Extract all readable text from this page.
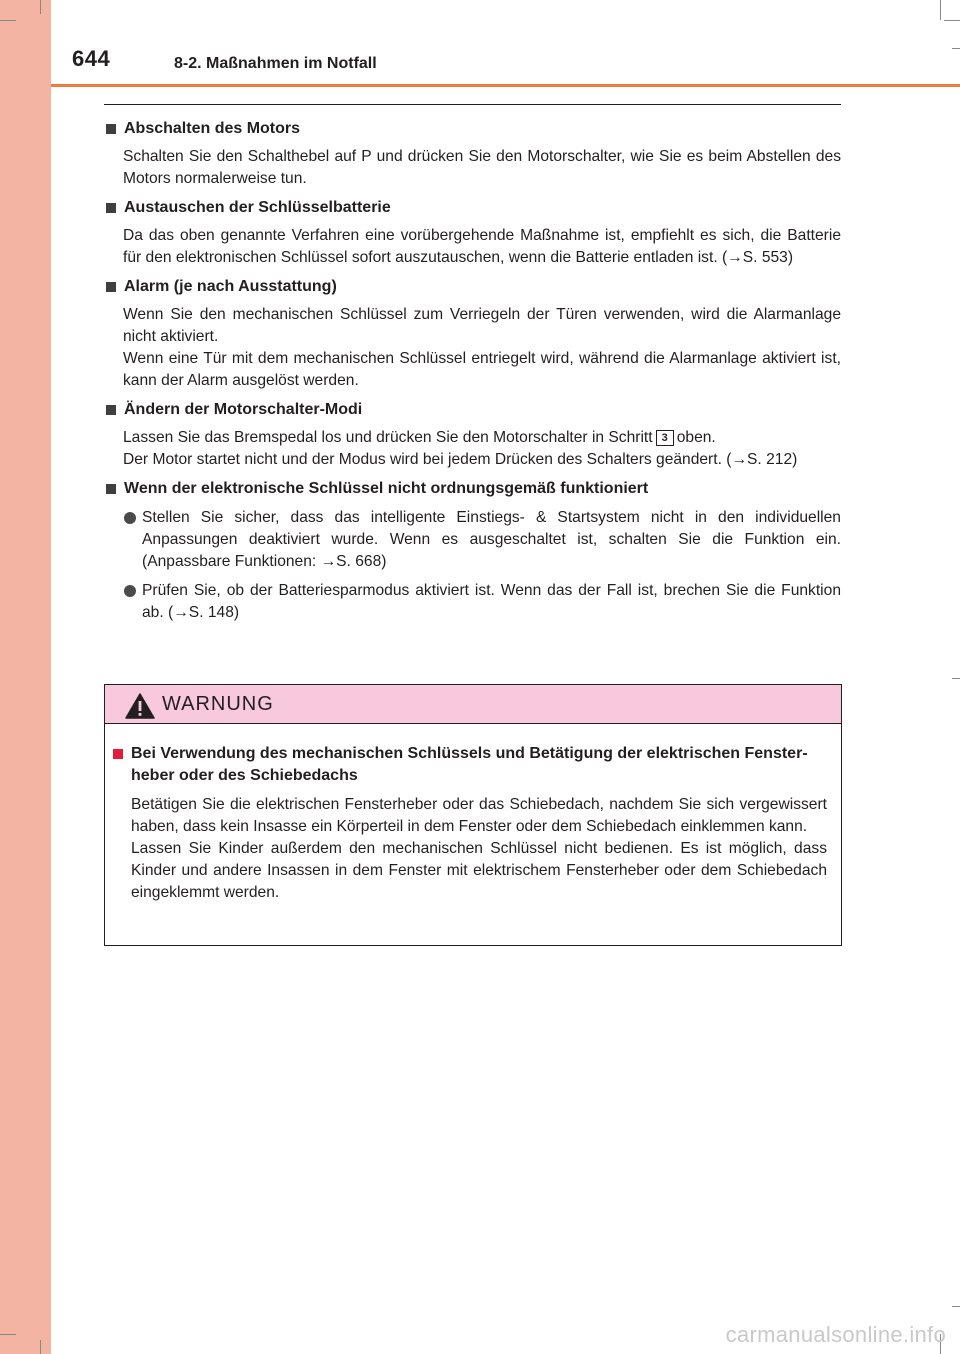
644	8-2. Maßnahmen im Notfall
Abschalten des Motors

Schalten Sie den Schalthebel auf P und drücken Sie den Motorschalter, wie Sie es beim Abstellen des Motors normalerweise tun.

Austauschen der Schlüsselbatterie

Da das oben genannte Verfahren eine vorübergehende Maßnahme ist, empfiehlt es sich, die Batterie für den elektronischen Schlüssel sofort auszutauschen, wenn die Batterie entladen ist. (→S. 553)

Alarm (je nach Ausstattung)

Wenn Sie den mechanischen Schlüssel zum Verriegeln der Türen verwenden, wird die Alarmanlage nicht aktiviert.

Wenn eine Tür mit dem mechanischen Schlüssel entriegelt wird, während die Alarmanlage aktiviert ist, kann der Alarm ausgelöst werden.

Ändern der Motorschalter-Modi

Lassen Sie das Bremspedal los und drücken Sie den Motorschalter in Schritt 3 oben.

Der Motor startet nicht und der Modus wird bei jedem Drücken des Schalters geändert. (→S. 212)

Wenn der elektronische Schlüssel nicht ordnungsgemäß funktioniert
Stellen Sie sicher, dass das intelligente Einstiegs- & Startsystem nicht in den individuellen Anpassungen deaktiviert wurde. Wenn es ausgeschaltet ist, schalten Sie die Funktion ein. (Anpassbare Funktionen: →S. 668)
Prüfen Sie, ob der Batteriesparmodus aktiviert ist. Wenn das der Fall ist, brechen Sie die Funktion ab. (→S. 148)
WARNUNG
Bei Verwendung des mechanischen Schlüssels und Betätigung der elektrischen Fensterheber oder des Schiebedachs

Betätigen Sie die elektrischen Fensterheber oder das Schiebedach, nachdem Sie sich vergewissert haben, dass kein Insasse ein Körperteil in dem Fenster oder dem Schiebedach einklemmen kann.

Lassen Sie Kinder außerdem den mechanischen Schlüssel nicht bedienen. Es ist möglich, dass Kinder und andere Insassen in dem Fenster mit elektrischem Fensterheber oder dem Schiebedach eingeklemmt werden.

carmanualsonline.info
